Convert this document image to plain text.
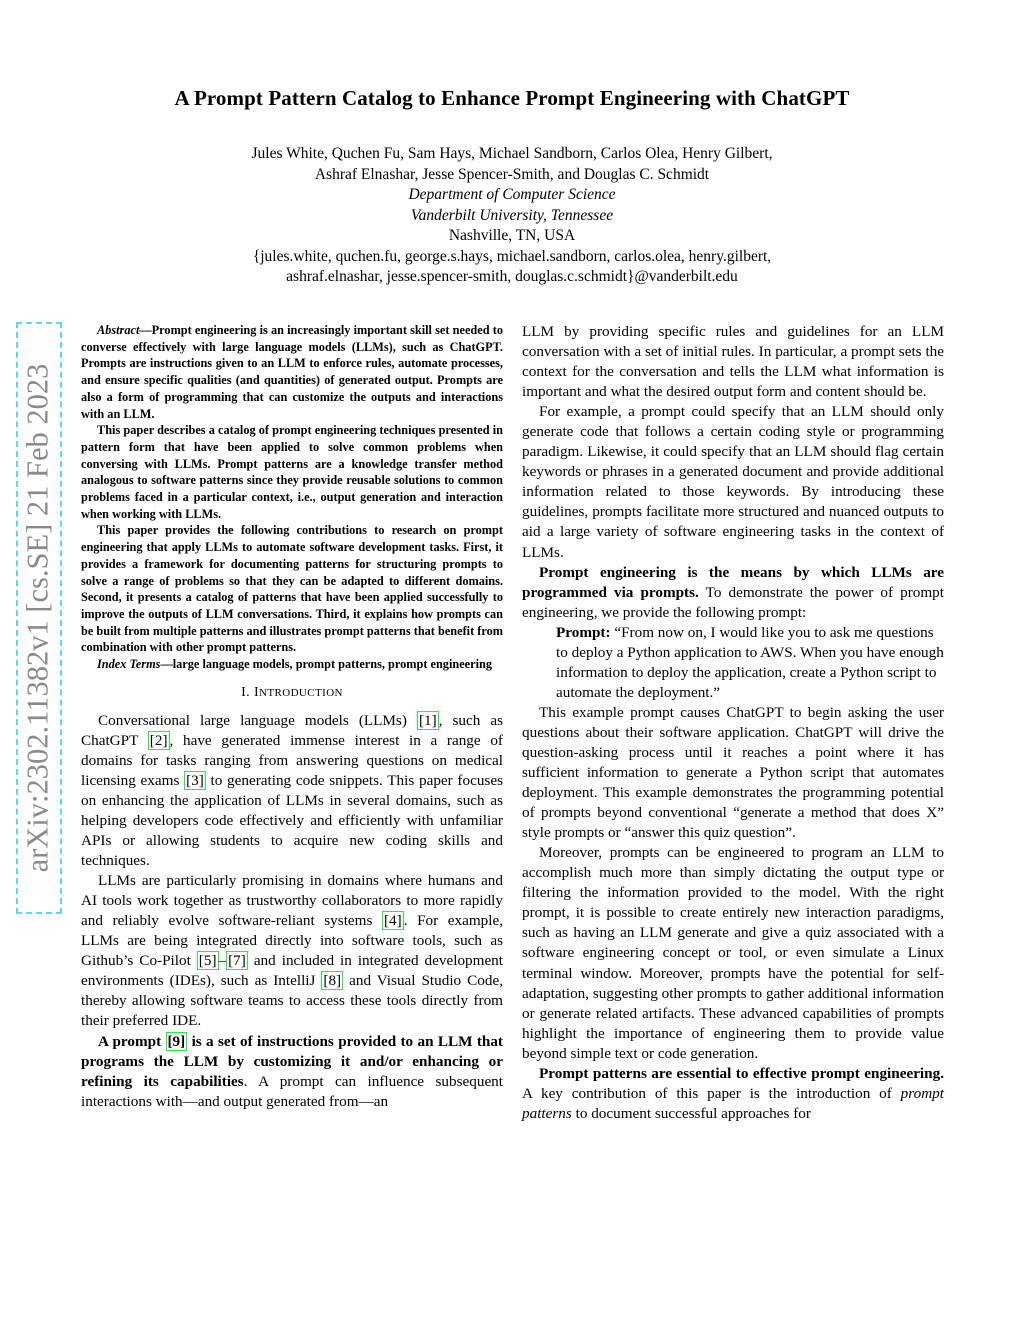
A Prompt Pattern Catalog to Enhance Prompt Engineering with ChatGPT
Jules White, Quchen Fu, Sam Hays, Michael Sandborn, Carlos Olea, Henry Gilbert,
Ashraf Elnashar, Jesse Spencer-Smith, and Douglas C. Schmidt
Department of Computer Science
Vanderbilt University, Tennessee
Nashville, TN, USA
{jules.white, quchen.fu, george.s.hays, michael.sandborn, carlos.olea, henry.gilbert,
ashraf.elnashar, jesse.spencer-smith, douglas.c.schmidt}@vanderbilt.edu
arXiv:2302.11382v1 [cs.SE] 21 Feb 2023

Abstract—Prompt engineering is an increasingly important skill set needed to converse effectively with large language models (LLMs), such as ChatGPT. Prompts are instructions given to an LLM to enforce rules, automate processes, and ensure specific qualities (and quantities) of generated output. Prompts are also a form of programming that can customize the outputs and interactions with an LLM.

This paper describes a catalog of prompt engineering techniques presented in pattern form that have been applied to solve common problems when conversing with LLMs. Prompt patterns are a knowledge transfer method analogous to software patterns since they provide reusable solutions to common problems faced in a particular context, i.e., output generation and interaction when working with LLMs.

This paper provides the following contributions to research on prompt engineering that apply LLMs to automate software development tasks. First, it provides a framework for documenting patterns for structuring prompts to solve a range of problems so that they can be adapted to different domains. Second, it presents a catalog of patterns that have been applied successfully to improve the outputs of LLM conversations. Third, it explains how prompts can be built from multiple patterns and illustrates prompt patterns that benefit from combination with other prompt patterns.

Index Terms—large language models, prompt patterns, prompt engineering

I. INTRODUCTION

Conversational large language models (LLMs) [1] , such as ChatGPT [2] , have generated immense interest in a range of domains for tasks ranging from answering questions on medical licensing exams [3] to generating code snippets. This paper focuses on enhancing the application of LLMs in several domains, such as helping developers code effectively and efficiently with unfamiliar APIs or allowing students to acquire new coding skills and techniques.

LLMs are particularly promising in domains where humans and AI tools work together as trustworthy collaborators to more rapidly and reliably evolve software-reliant systems [4] . For example, LLMs are being integrated directly into software tools, such as Github’s Co-Pilot [5] – [7] and included in integrated development environments (IDEs), such as IntelliJ [8] and Visual Studio Code, thereby allowing software teams to access these tools directly from their preferred IDE.

A prompt [9] is a set of instructions provided to an LLM that programs the LLM by customizing it and/or enhancing or refining its capabilities. A prompt can influence subsequent interactions with—and output generated from—an

LLM by providing specific rules and guidelines for an LLM conversation with a set of initial rules. In particular, a prompt sets the context for the conversation and tells the LLM what information is important and what the desired output form and content should be.

For example, a prompt could specify that an LLM should only generate code that follows a certain coding style or programming paradigm. Likewise, it could specify that an LLM should flag certain keywords or phrases in a generated document and provide additional information related to those keywords. By introducing these guidelines, prompts facilitate more structured and nuanced outputs to aid a large variety of software engineering tasks in the context of LLMs.

Prompt engineering is the means by which LLMs are programmed via prompts. To demonstrate the power of prompt engineering, we provide the following prompt:

Prompt: “From now on, I would like you to ask me questions to deploy a Python application to AWS. When you have enough information to deploy the application, create a Python script to automate the deployment.”

This example prompt causes ChatGPT to begin asking the user questions about their software application. ChatGPT will drive the question-asking process until it reaches a point where it has sufficient information to generate a Python script that automates deployment. This example demonstrates the programming potential of prompts beyond conventional “generate a method that does X” style prompts or “answer this quiz question”.

Moreover, prompts can be engineered to program an LLM to accomplish much more than simply dictating the output type or filtering the information provided to the model. With the right prompt, it is possible to create entirely new interaction paradigms, such as having an LLM generate and give a quiz associated with a software engineering concept or tool, or even simulate a Linux terminal window. Moreover, prompts have the potential for self-adaptation, suggesting other prompts to gather additional information or generate related artifacts. These advanced capabilities of prompts highlight the importance of engineering them to provide value beyond simple text or code generation.

Prompt patterns are essential to effective prompt engineering. A key contribution of this paper is the introduction of prompt patterns to document successful approaches for
